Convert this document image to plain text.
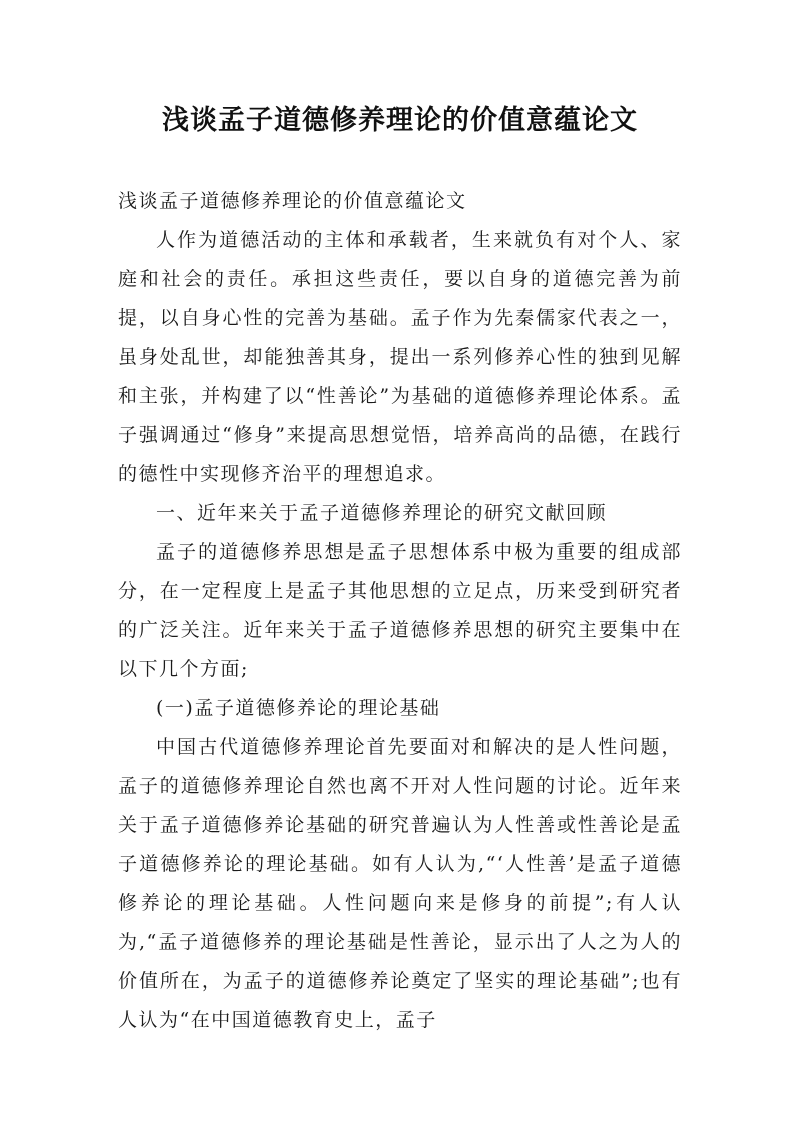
浅谈孟子道德修养理论的价值意蕴论文

浅谈孟子道德修养理论的价值意蕴论文

人作为道德活动的主体和承载者，生来就负有对个人、家庭和社会的责任。承担这些责任，要以自身的道德完善为前提，以自身心性的完善为基础。孟子作为先秦儒家代表之一，虽身处乱世，却能独善其身，提出一系列修养心性的独到见解和主张，并构建了以“性善论”为基础的道德修养理论体系。孟子强调通过“修身”来提高思想觉悟，培养高尚的品德，在践行的德性中实现修齐治平的理想追求。

一、近年来关于孟子道德修养理论的研究文献回顾

孟子的道德修养思想是孟子思想体系中极为重要的组成部分，在一定程度上是孟子其他思想的立足点，历来受到研究者的广泛关注。近年来关于孟子道德修养思想的研究主要集中在以下几个方面;

(一)孟子道德修养论的理论基础

中国古代道德修养理论首先要面对和解决的是人性问题，孟子的道德修养理论自然也离不开对人性问题的讨论。近年来关于孟子道德修养论基础的研究普遍认为人性善或性善论是孟子道德修养论的理论基础。如有人认为,“‘人性善’是孟子道德修养论的理论基础。人性问题向来是修身的前提”;有人认为,“孟子道德修养的理论基础是性善论，显示出了人之为人的价值所在，为孟子的道德修养论奠定了坚实的理论基础”;也有人认为“在中国道德教育史上，孟子
